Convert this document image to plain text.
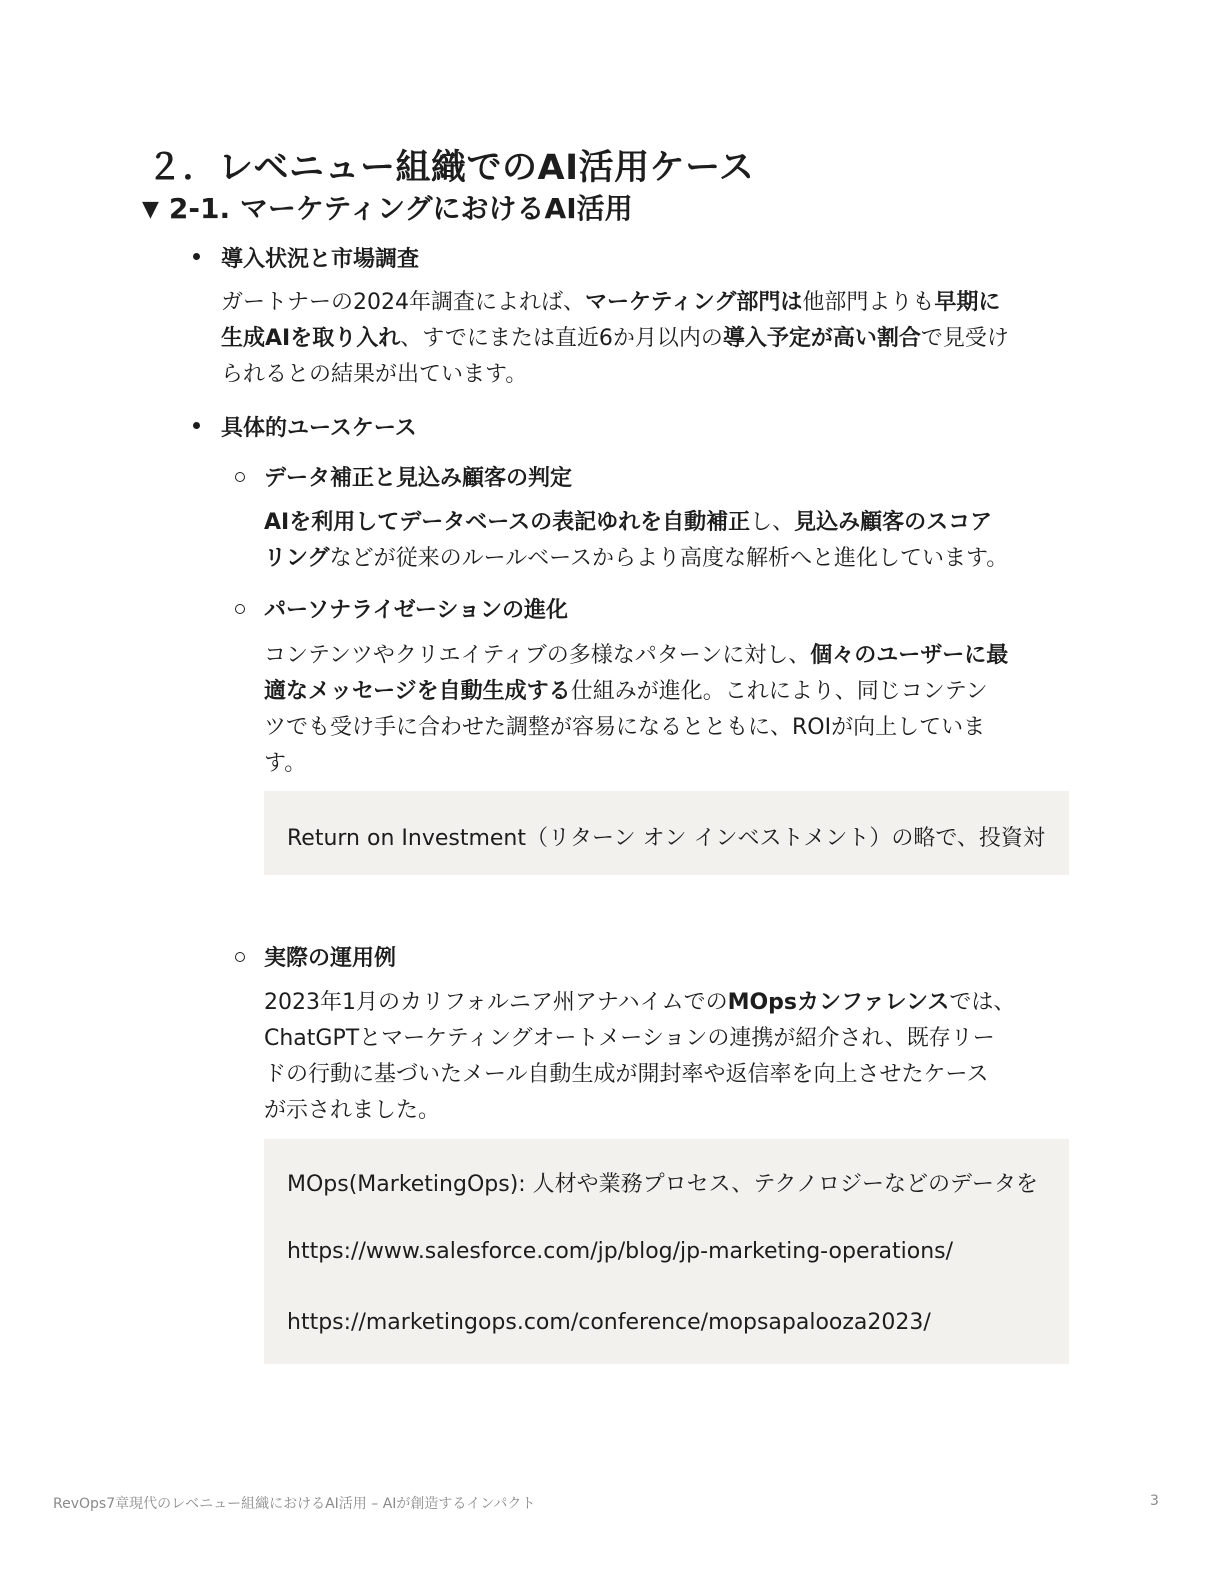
２．レベニュー組織でのAI活用ケース
▼ 2-1. マーケティングにおけるAI活用

導入状況と市場調査

ガートナーの2024年調査によれば、マーケティング部門は他部門よりも早期に

生成AIを取り入れ、すでにまたは直近6か月以内の導入予定が高い割合で見受け

られるとの結果が出ています。

具体的ユースケース

データ補正と見込み顧客の判定

AIを利用してデータベースの表記ゆれを自動補正し、見込み顧客のスコア

リングなどが従来のルールベースからより高度な解析へと進化しています。

パーソナライゼーションの進化

コンテンツやクリエイティブの多様なパターンに対し、個々のユーザーに最

適なメッセージを自動生成する仕組みが進化。これにより、同じコンテン

ツでも受け手に合わせた調整が容易になるとともに、ROIが向上していま

す。

Return on Investment（リターン オン インベストメント）の略で、投資対

実際の運用例

2023年1月のカリフォルニア州アナハイムでのMOpsカンファレンスでは、

ChatGPTとマーケティングオートメーションの連携が紹介され、既存リー

ドの行動に基づいたメール自動生成が開封率や返信率を向上させたケース

が示されました。

MOps(MarketingOps): 人材や業務プロセス、テクノロジーなどのデータを

https://www.salesforce.com/jp/blog/jp-marketing-operations/

https://marketingops.com/conference/mopsapalooza2023/

RevOps7章現代のレベニュー組織におけるAI活用 – AIが創造するインパクト	3
